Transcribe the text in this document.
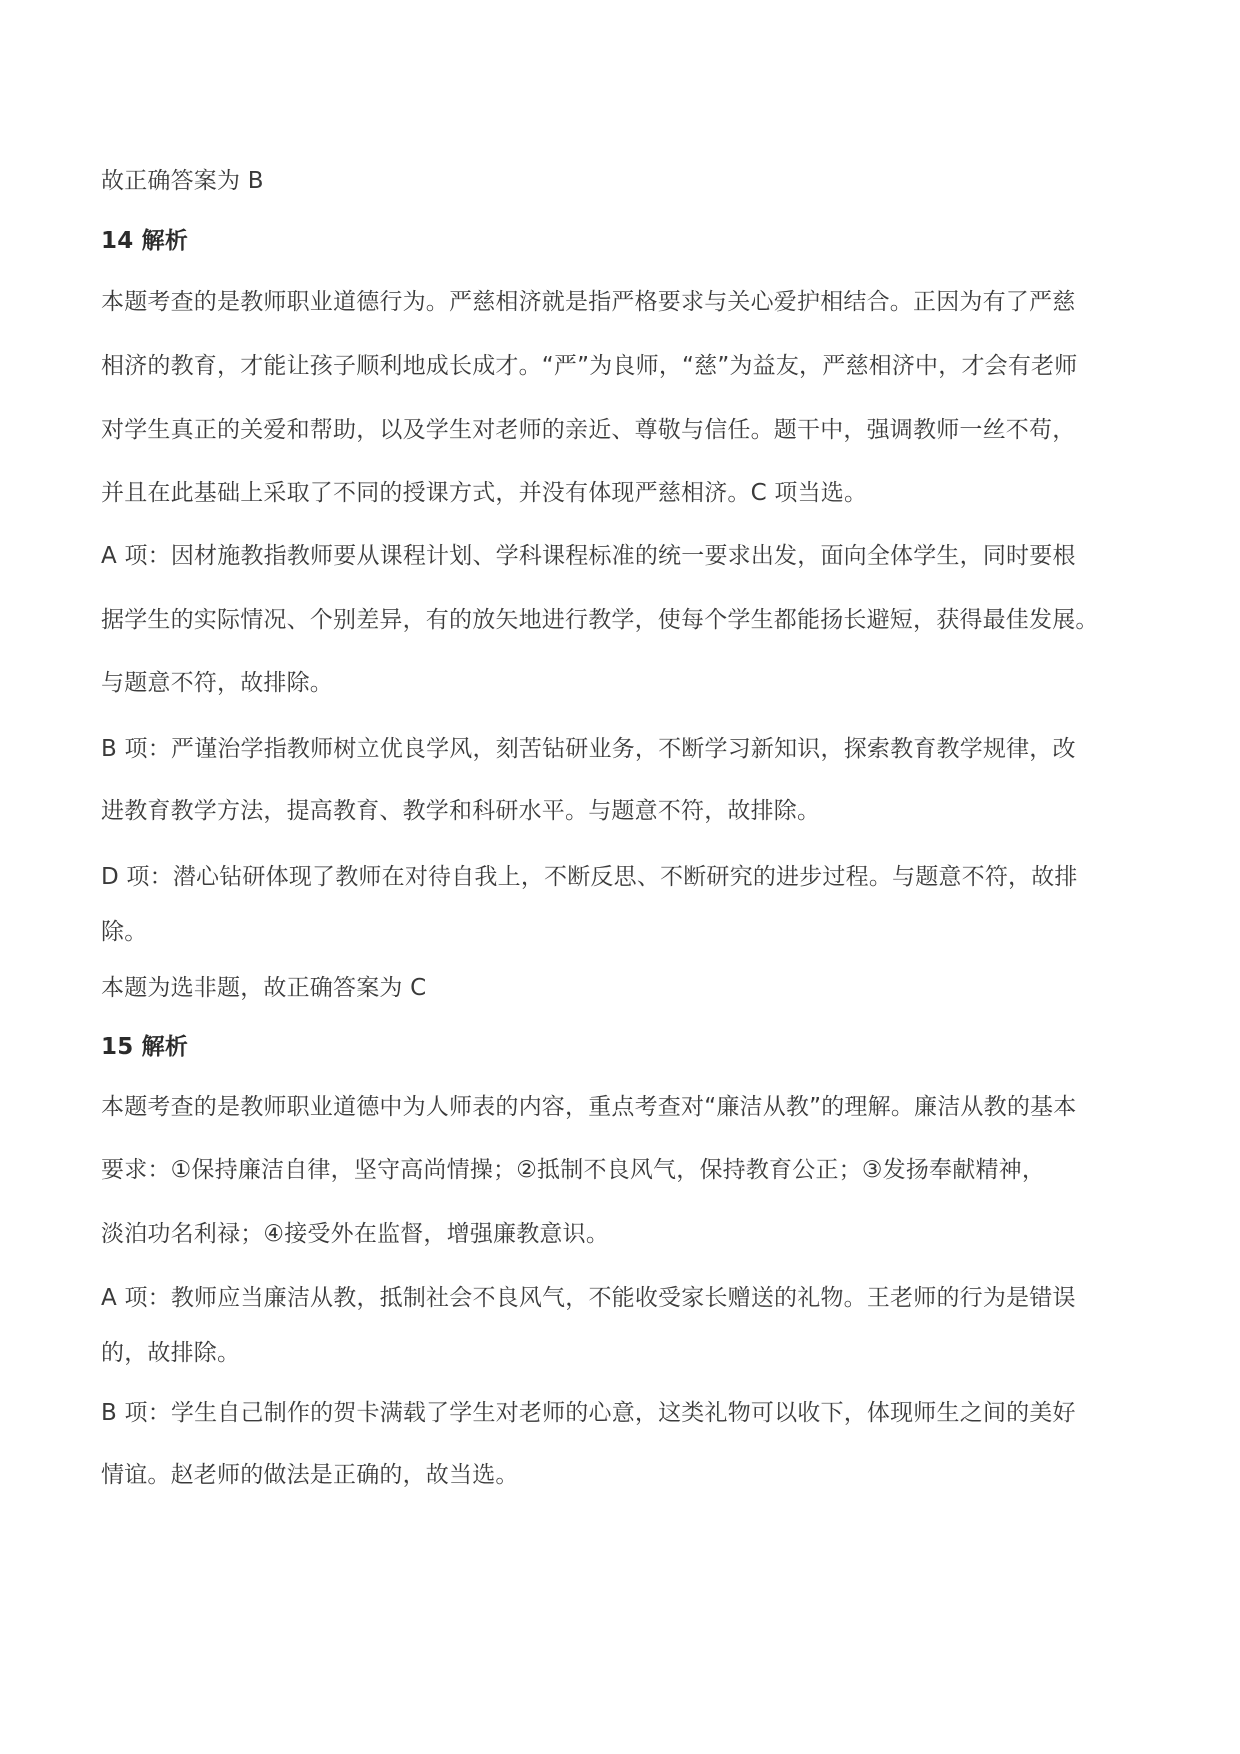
故正确答案为 B
14 解析
本题考查的是教师职业道德行为。严慈相济就是指严格要求与关心爱护相结合。正因为有了严慈
相济的教育，才能让孩子顺利地成长成才。“严”为良师，“慈”为益友，严慈相济中，才会有老师
对学生真正的关爱和帮助，以及学生对老师的亲近、尊敬与信任。题干中，强调教师一丝不苟，
并且在此基础上采取了不同的授课方式，并没有体现严慈相济。C 项当选。
A 项：因材施教指教师要从课程计划、学科课程标准的统一要求出发，面向全体学生，同时要根
据学生的实际情况、个别差异，有的放矢地进行教学，使每个学生都能扬长避短，获得最佳发展。
与题意不符，故排除。
B 项：严谨治学指教师树立优良学风，刻苦钻研业务，不断学习新知识，探索教育教学规律，改
进教育教学方法，提高教育、教学和科研水平。与题意不符，故排除。
D 项：潜心钻研体现了教师在对待自我上，不断反思、不断研究的进步过程。与题意不符，故排
除。
本题为选非题，故正确答案为 C
15 解析
本题考查的是教师职业道德中为人师表的内容，重点考查对“廉洁从教”的理解。廉洁从教的基本
要求：①保持廉洁自律，坚守高尚情操；②抵制不良风气，保持教育公正；③发扬奉献精神，
淡泊功名利禄；④接受外在监督，增强廉教意识。
A 项：教师应当廉洁从教，抵制社会不良风气，不能收受家长赠送的礼物。王老师的行为是错误
的，故排除。
B 项：学生自己制作的贺卡满载了学生对老师的心意，这类礼物可以收下，体现师生之间的美好
情谊。赵老师的做法是正确的，故当选。
